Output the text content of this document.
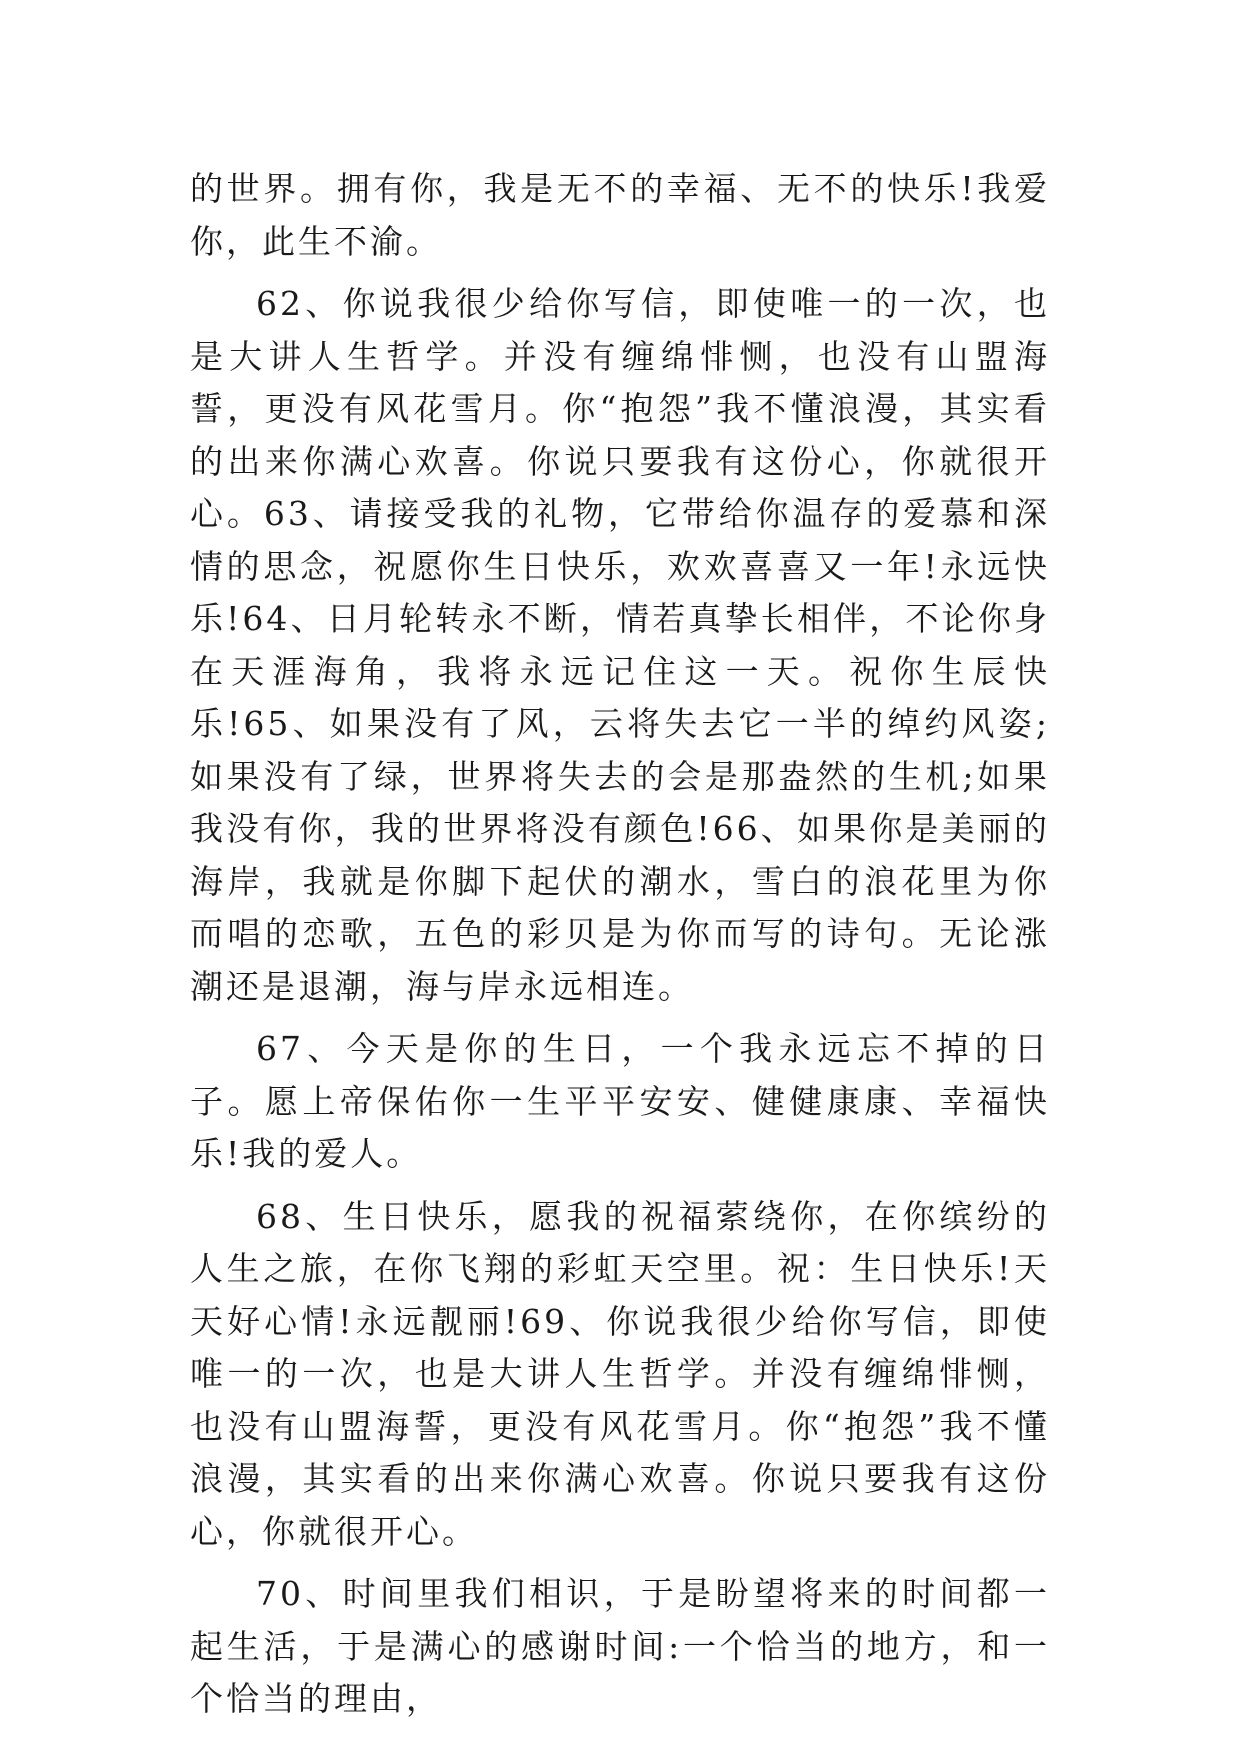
的世界。拥有你，我是无不的幸福、无不的快乐!我爱你，此生不渝。

62、你说我很少给你写信，即使唯一的一次，也是大讲人生哲学。并没有缠绵悱恻，也没有山盟海誓，更没有风花雪月。你“抱怨”我不懂浪漫，其实看的出来你满心欢喜。你说只要我有这份心，你就很开心。63、请接受我的礼物，它带给你温存的爱慕和深情的思念，祝愿你生日快乐，欢欢喜喜又一年!永远快乐!64、日月轮转永不断，情若真挚长相伴，不论你身在天涯海角，我将永远记住这一天。祝你生辰快乐!65、如果没有了风，云将失去它一半的绰约风姿;如果没有了绿，世界将失去的会是那盎然的生机;如果我没有你，我的世界将没有颜色!66、如果你是美丽的海岸，我就是你脚下起伏的潮水，雪白的浪花里为你而唱的恋歌，五色的彩贝是为你而写的诗句。无论涨潮还是退潮，海与岸永远相连。

67、今天是你的生日，一个我永远忘不掉的日子。愿上帝保佑你一生平平安安、健健康康、幸福快乐!我的爱人。

68、生日快乐，愿我的祝福萦绕你，在你缤纷的人生之旅，在你飞翔的彩虹天空里。祝：生日快乐!天天好心情!永远靓丽!69、你说我很少给你写信，即使唯一的一次，也是大讲人生哲学。并没有缠绵悱恻，也没有山盟海誓，更没有风花雪月。你“抱怨”我不懂浪漫，其实看的出来你满心欢喜。你说只要我有这份心，你就很开心。

70、时间里我们相识，于是盼望将来的时间都一起生活，于是满心的感谢时间:一个恰当的地方，和一个恰当的理由，
